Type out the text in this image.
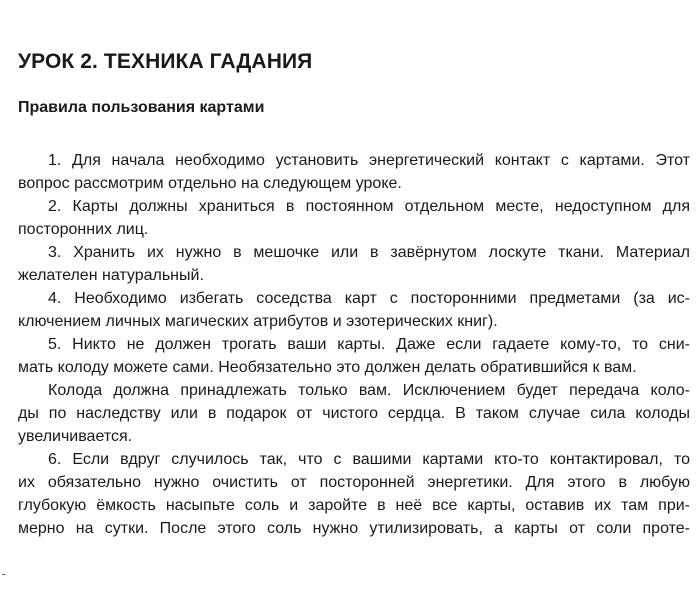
УРОК 2. ТЕХНИКА ГАДАНИЯ
Правила пользования картами
1. Для начала необходимо установить энергетический контакт с картами. Этот
вопрос рассмотрим отдельно на следующем уроке.
2. Карты должны храниться в постоянном отдельном месте, недоступном для
посторонних лиц.
3. Хранить их нужно в мешочке или в завёрнутом лоскуте ткани. Материал
желателен натуральный.
4. Необходимо избегать соседства карт с посторонними предметами (за ис-
ключением личных магических атрибутов и эзотерических книг).
5. Никто не должен трогать ваши карты. Даже если гадаете кому-то, то сни-
мать колоду можете сами. Необязательно это должен делать обратившийся к вам.
Колода должна принадлежать только вам. Исключением будет передача коло-
ды по наследству или в подарок от чистого сердца. В таком случае сила колоды
увеличивается.
6. Если вдруг случилось так, что с вашими картами кто-то контактировал, то
их обязательно нужно очистить от посторонней энергетики. Для этого в любую
глубокую ёмкость насыпьте соль и заройте в неё все карты, оставив их там при-
мерно на сутки. После этого соль нужно утилизировать, а карты от соли проте-
